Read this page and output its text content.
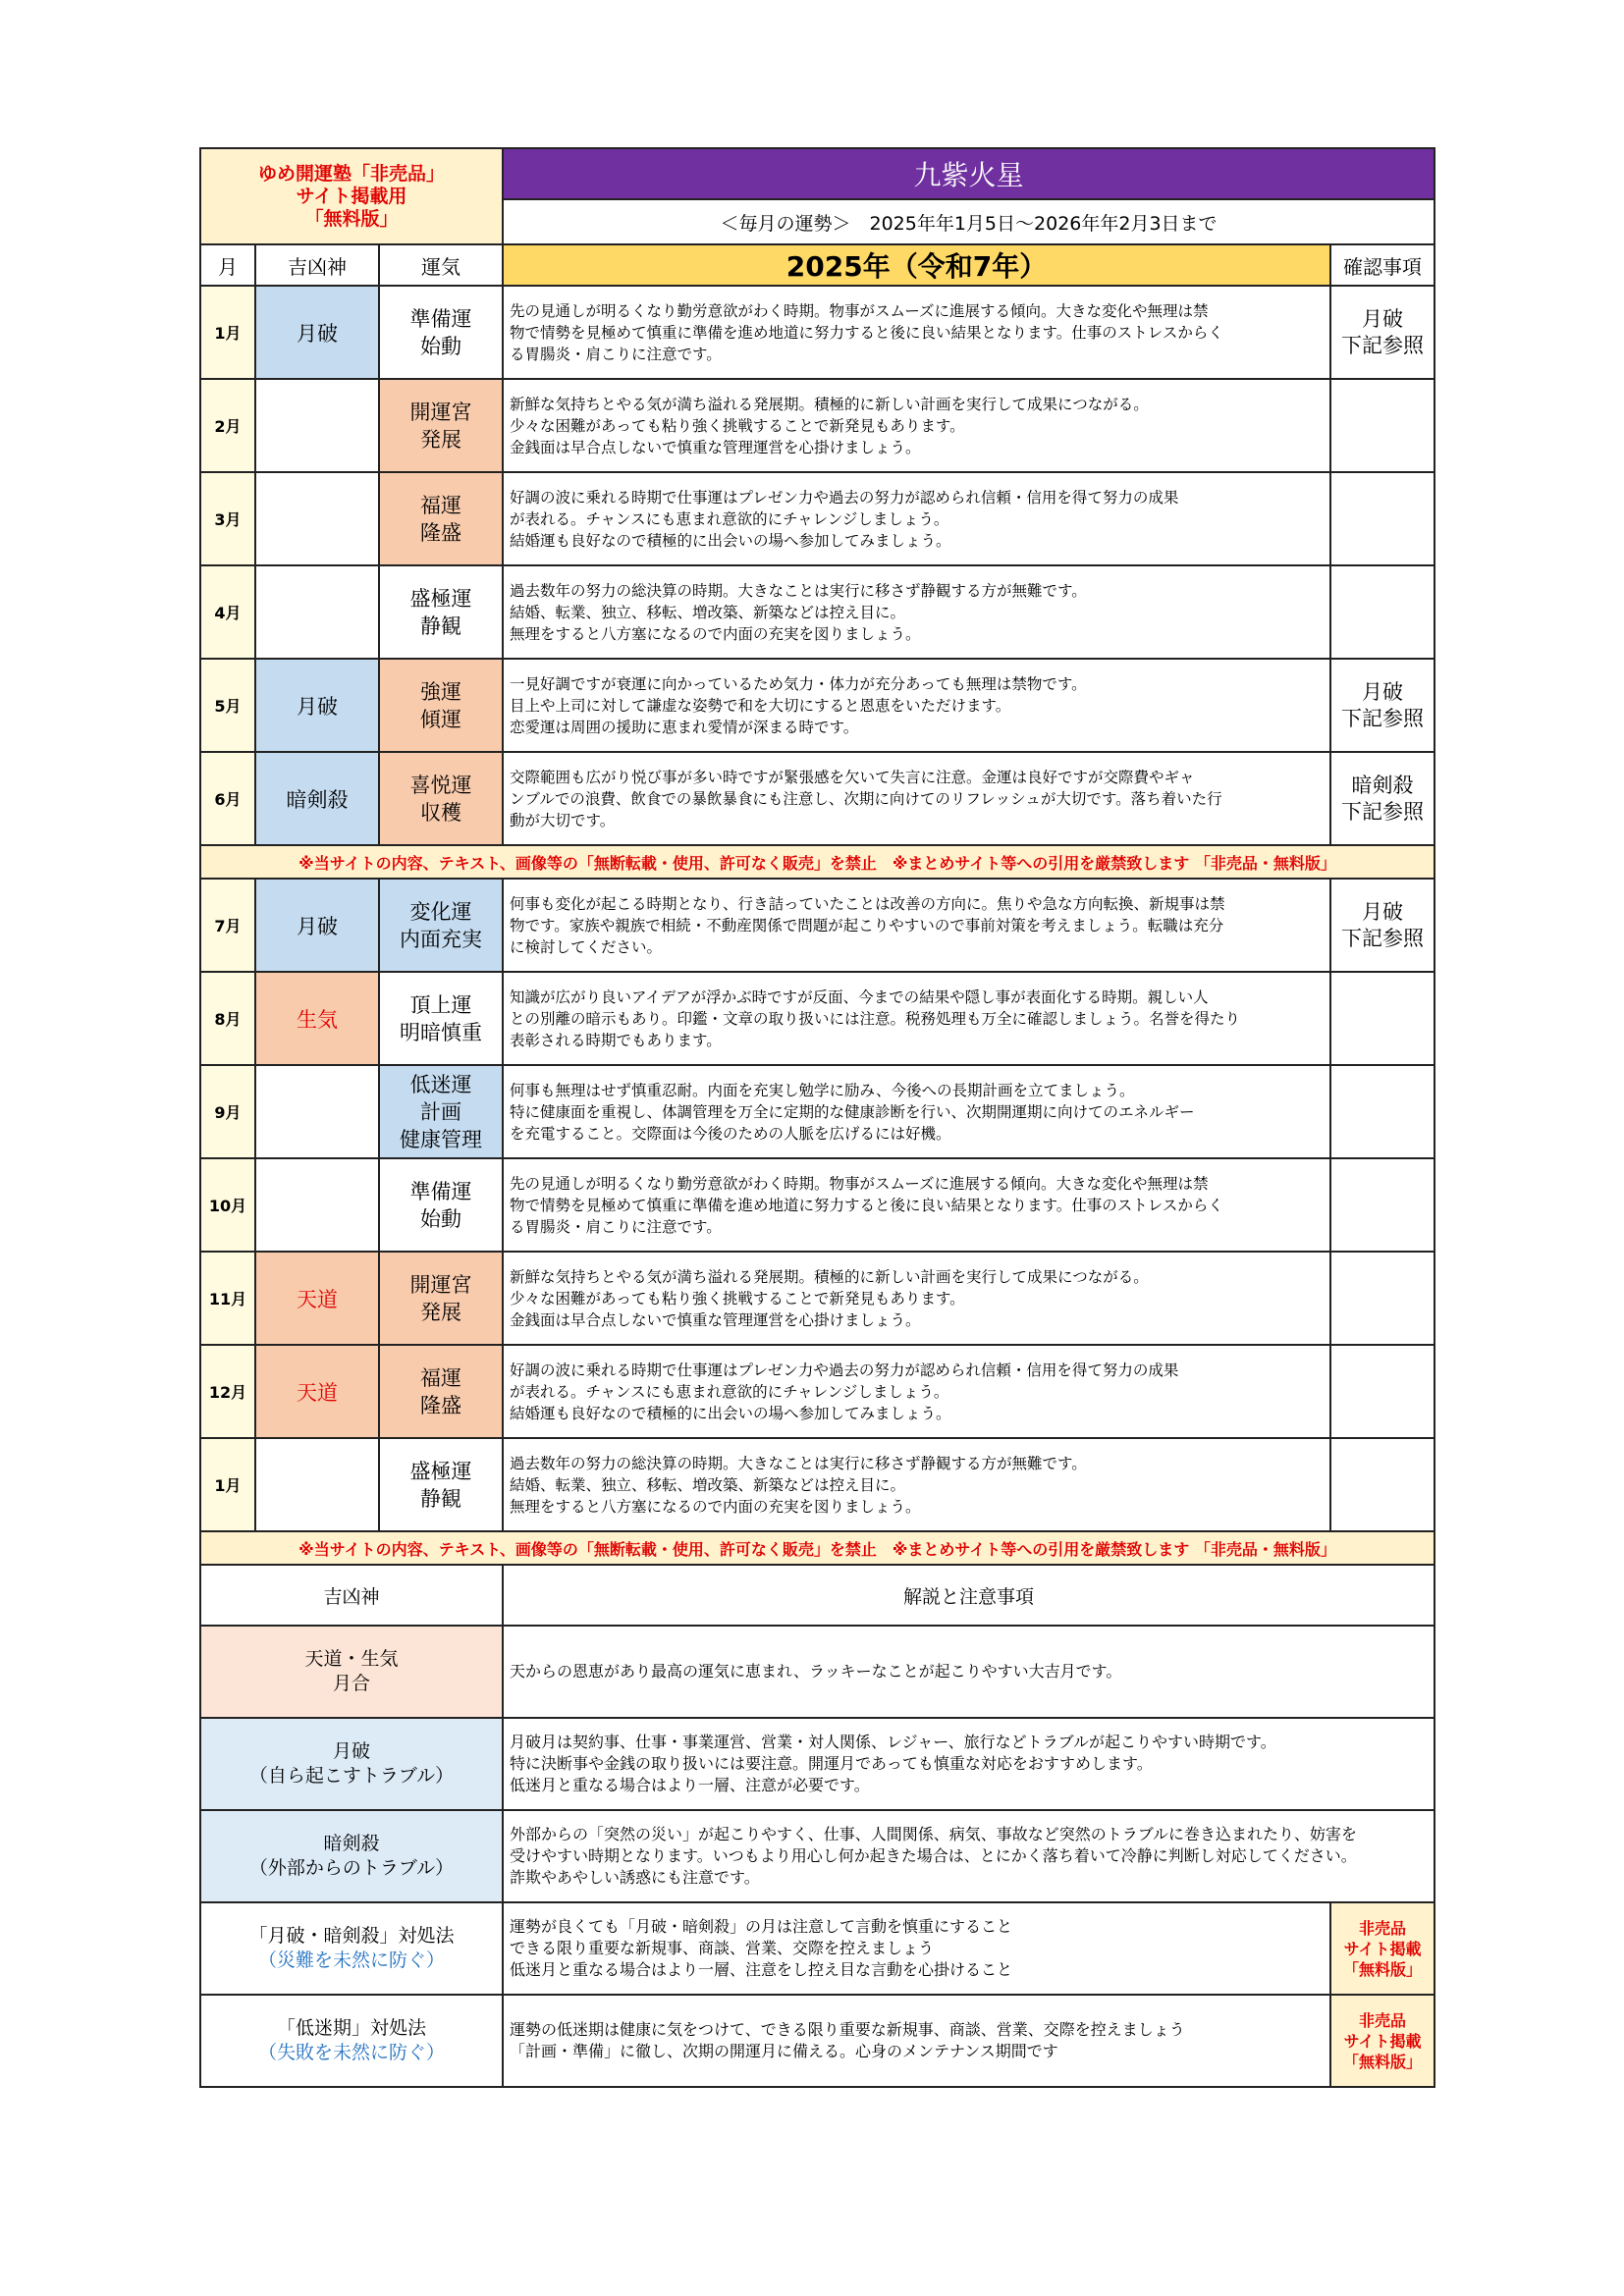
ゆめ開運塾「非売品」
サイト掲載用
「無料版」			九紫火星	
			＜毎月の運勢＞　2025年年1月5日～2026年年2月3日まで	
月	吉凶神	運気	2025年（令和7年）	確認事項
1月	月破	準備運
始動	先の見通しが明るくなり勤労意欲がわく時期。物事がスムーズに進展する傾向。大きな変化や無理は禁
物で情勢を見極めて慎重に準備を進め地道に努力すると後に良い結果となります。仕事のストレスからく
る胃腸炎・肩こりに注意です。	月破
下記参照

2月		開運宮
発展	新鮮な気持ちとやる気が満ち溢れる発展期。積極的に新しい計画を実行して成果につながる。
少々な困難があっても粘り強く挑戦することで新発見もあります。
金銭面は早合点しないで慎重な管理運営を心掛けましょう。	

3月		福運
隆盛	好調の波に乗れる時期で仕事運はプレゼン力や過去の努力が認められ信頼・信用を得て努力の成果
が表れる。チャンスにも恵まれ意欲的にチャレンジしましょう。
結婚運も良好なので積極的に出会いの場へ参加してみましょう。	

4月		盛極運
静観	過去数年の努力の総決算の時期。大きなことは実行に移さず静観する方が無難です。
結婚、転業、独立、移転、増改築、新築などは控え目に。
無理をすると八方塞になるので内面の充実を図りましょう。	

5月	月破	強運
傾運	一見好調ですが衰運に向かっているため気力・体力が充分あっても無理は禁物です。
目上や上司に対して謙虚な姿勢で和を大切にすると恩恵をいただけます。
恋愛運は周囲の援助に恵まれ愛情が深まる時です。	月破
下記参照

6月	暗剣殺	喜悦運
収穫	交際範囲も広がり悦び事が多い時ですが緊張感を欠いて失言に注意。金運は良好ですが交際費やギャ
ンブルでの浪費、飲食での暴飲暴食にも注意し、次期に向けてのリフレッシュが大切です。落ち着いた行
動が大切です。	暗剣殺
下記参照

※当サイトの内容、テキスト、画像等の「無断転載・使用、許可なく販売」を禁止　※まとめサイト等への引用を厳禁致します 「非売品・無料版」				
7月	月破	変化運
内面充実	何事も変化が起こる時期となり、行き詰っていたことは改善の方向に。焦りや急な方向転換、新規事は禁
物です。家族や親族で相続・不動産関係で問題が起こりやすいので事前対策を考えましょう。転職は充分
に検討してください。	月破
下記参照

8月	生気	頂上運
明暗慎重	知識が広がり良いアイデアが浮かぶ時ですが反面、今までの結果や隠し事が表面化する時期。親しい人
との別離の暗示もあり。印鑑・文章の取り扱いには注意。税務処理も万全に確認しましょう。名誉を得たり
表彰される時期でもあります。	

9月		低迷運
計画
健康管理	何事も無理はせず慎重忍耐。内面を充実し勉学に励み、今後への長期計画を立てましょう。
特に健康面を重視し、体調管理を万全に定期的な健康診断を行い、次期開運期に向けてのエネルギー
を充電すること。交際面は今後のための人脈を広げるには好機。	

10月		準備運
始動	先の見通しが明るくなり勤労意欲がわく時期。物事がスムーズに進展する傾向。大きな変化や無理は禁
物で情勢を見極めて慎重に準備を進め地道に努力すると後に良い結果となります。仕事のストレスからく
る胃腸炎・肩こりに注意です。	

11月	天道	開運宮
発展	新鮮な気持ちとやる気が満ち溢れる発展期。積極的に新しい計画を実行して成果につながる。
少々な困難があっても粘り強く挑戦することで新発見もあります。
金銭面は早合点しないで慎重な管理運営を心掛けましょう。	

12月	天道	福運
隆盛	好調の波に乗れる時期で仕事運はプレゼン力や過去の努力が認められ信頼・信用を得て努力の成果
が表れる。チャンスにも恵まれ意欲的にチャレンジしましょう。
結婚運も良好なので積極的に出会いの場へ参加してみましょう。	

1月		盛極運
静観	過去数年の努力の総決算の時期。大きなことは実行に移さず静観する方が無難です。
結婚、転業、独立、移転、増改築、新築などは控え目に。
無理をすると八方塞になるので内面の充実を図りましょう。	

※当サイトの内容、テキスト、画像等の「無断転載・使用、許可なく販売」を禁止　※まとめサイト等への引用を厳禁致します 「非売品・無料版」				
吉凶神			解説と注意事項	

天道・生気
月合			天からの恩恵があり最高の運気に恵まれ、ラッキーなことが起こりやすい大吉月です。	

月破
（自ら起こすトラブル）			月破月は契約事、仕事・事業運営、営業・対人関係、レジャー、旅行などトラブルが起こりやすい時期です。
特に決断事や金銭の取り扱いには要注意。開運月であっても慎重な対応をおすすめします。
低迷月と重なる場合はより一層、注意が必要です。	

暗剣殺
（外部からのトラブル）			外部からの「突然の災い」が起こりやすく、仕事、人間関係、病気、事故など突然のトラブルに巻き込まれたり、妨害を
受けやすい時期となります。いつもより用心し何か起きた場合は、とにかく落ち着いて冷静に判断し対応してください。
詐欺やあやしい誘惑にも注意です。	

「月破・暗剣殺」対処法
（災難を未然に防ぐ）			運勢が良くても「月破・暗剣殺」の月は注意して言動を慎重にすること
できる限り重要な新規事、商談、営業、交際を控えましょう
低迷月と重なる場合はより一層、注意をし控え目な言動を心掛けること	非売品
サイト掲載
「無料版」

「低迷期」対処法
（失敗を未然に防ぐ）			運勢の低迷期は健康に気をつけて、できる限り重要な新規事、商談、営業、交際を控えましょう
「計画・準備」に徹し、次期の開運月に備える。心身のメンテナンス期間です	非売品
サイト掲載
「無料版」
